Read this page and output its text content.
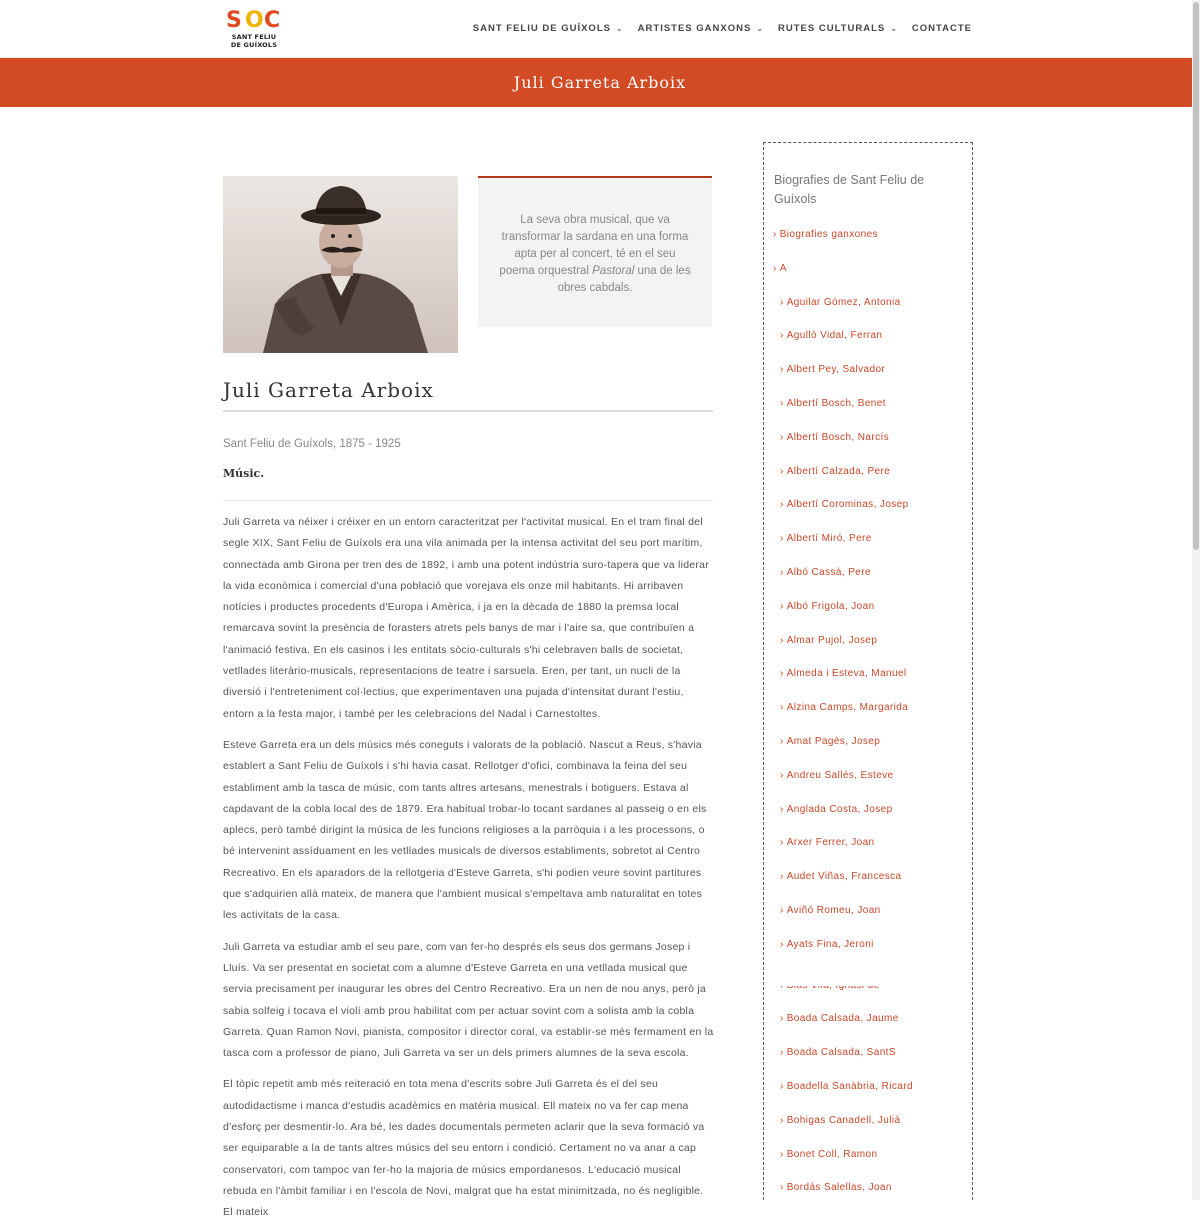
S O C
SANT FELIU
DE GUÍXOLS
SANT FELIU DE GUÍXOLS ⌄ ARTISTES GANXONS ⌄ RUTES CULTURALS ⌄ CONTACTE
Juli Garreta Arboix

La seva obra musical, que va transformar la sardana en una forma apta per al concert, té en el seu poema orquestral Pastoral una de les obres cabdals.

Juli Garreta Arboix
Sant Feliu de Guíxols, 1875 - 1925
Músic.

Juli Garreta va néixer i créixer en un entorn caracteritzat per l'activitat musical. En el tram final del segle XIX, Sant Feliu de Guíxols era una vila animada per la intensa activitat del seu port marítim, connectada amb Girona per tren des de 1892, i amb una potent indústria suro-tapera que va liderar la vida econòmica i comercial d'una població que vorejava els onze mil habitants. Hi arribaven notícies i productes procedents d'Europa i Amèrica, i ja en la dècada de 1880 la premsa local remarcava sovint la presència de forasters atrets pels banys de mar i l'aire sa, que contribuïen a l'animació festiva. En els casinos i les entitats sòcio-culturals s'hi celebraven balls de societat, vetllades literàrio-musicals, representacions de teatre i sarsuela. Eren, per tant, un nucli de la diversió i l'entreteniment col·lectius, que experimentaven una pujada d'intensitat durant l'estiu, entorn a la festa major, i també per les celebracions del Nadal i Carnestoltes.

Esteve Garreta era un dels músics més coneguts i valorats de la població. Nascut a Reus, s'havia establert a Sant Feliu de Guíxols i s'hi havia casat. Rellotger d'ofici, combinava la feina del seu establiment amb la tasca de músic, com tants altres artesans, menestrals i botiguers. Estava al capdavant de la cobla local des de 1879. Era habitual trobar-lo tocant sardanes al passeig o en els aplecs, però també dirigint la música de les funcions religioses a la parròquia i a les processons, o bé intervenint assíduament en les vetllades musicals de diversos establiments, sobretot al Centro Recreativo. En els aparadors de la rellotgeria d'Esteve Garreta, s'hi podien veure sovint partitures que s'adquirien allà mateix, de manera que l'ambient musical s'empeltava amb naturalitat en totes les activitats de la casa.

Juli Garreta va estudiar amb el seu pare, com van fer-ho després els seus dos germans Josep i Lluís. Va ser presentat en societat com a alumne d'Esteve Garreta en una vetllada musical que servia precisament per inaugurar les obres del Centro Recreativo. Era un nen de nou anys, però ja sabia solfeig i tocava el violí amb prou habilitat com per actuar sovint com a solista amb la cobla Garreta. Quan Ramon Novi, pianista, compositor i director coral, va establir-se més fermament en la tasca com a professor de piano, Juli Garreta va ser un dels primers alumnes de la seva escola.

El tòpic repetit amb més reiteració en tota mena d'escrits sobre Juli Garreta és el del seu autodidactisme i manca d'estudis acadèmics en matèria musical. Ell mateix no va fer cap mena d'esforç per desmentir-lo. Ara bé, les dades documentals permeten aclarir que la seva formació va ser equiparable a la de tants altres músics del seu entorn i condició. Certament no va anar a cap conservatori, com tampoc van fer-ho la majoria de músics empordanesos. L'educació musical rebuda en l'àmbit familiar i en l'escola de Novi, malgrat que ha estat minimitzada, no és negligible. El mateix

Biografies de Sant Feliu de Guíxols
› Biografies ganxones
› A
› Aguilar Gómez, Antonia
› Agulló Vidal, Ferran
› Albert Pey, Salvador
› Albertí Bosch, Benet
› Albertí Bosch, Narcís
› Albertí Calzada, Pere
› Albertí Corominas, Josep
› Albertí Miró, Pere
› Albó Cassà, Pere
› Albó Frigola, Joan
› Almar Pujol, Josep
› Almeda i Esteva, Manuel
› Alzina Camps, Margarida
› Amat Pagès, Josep
› Andreu Sallés, Esteve
› Anglada Costa, Josep
› Arxer Ferrer, Joan
› Audet Viñas, Francesca
› Aviñó Romeu, Joan
› Ayats Fina, Jeroni
› Boada Calsada, Jaume
› Boada Calsada, SantS
› Boadella Sanàbria, Ricard
› Bohigas Canadell, Julià
› Bonet Coll, Ramon
› Bordàs Salellas, Joan
